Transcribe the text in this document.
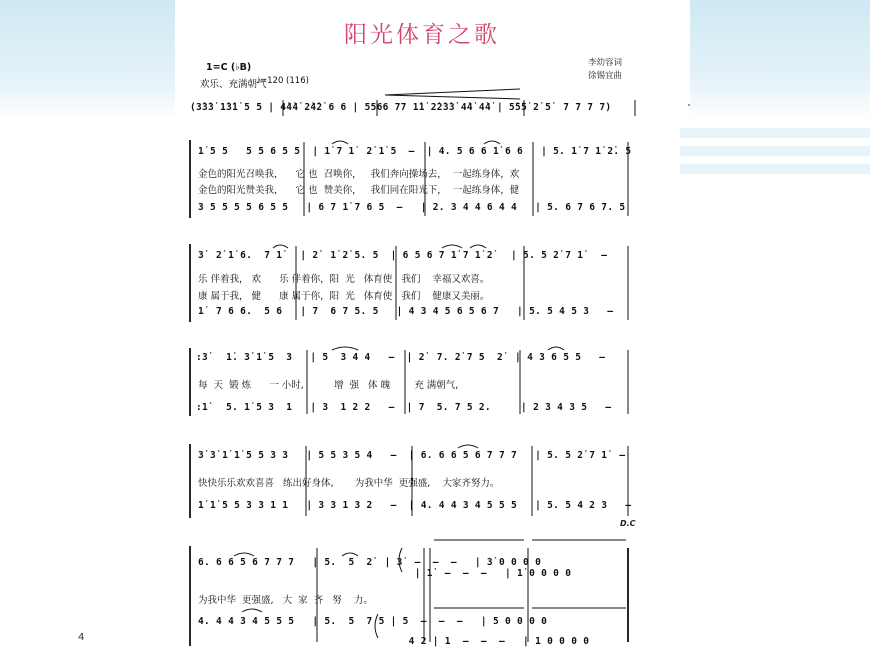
阳光体育之歌
李幼容词
徐锡宜曲
1=C (♭B)
欢乐、充满朝气
♩=120 (116)
(3̇3̇3̇ 1̇3̇1̇ 5 5 | 4̇4̇4̇ 2̇4̇2̇ 6 6 | 5566 77 1̇1̇ 2̇2̇3̇3̇ 4̇4̇ 4̇4̇ | 5̇5̇5̇ 2̇ 5̇  7 7 7 7)
1̇ 5 5   5 5 6 5 5  | 1̇ 7 1̇  2̇ 1̇ 5  –  | 4. 5 6 6 1̇ 6 6   | 5. 1̇ 7 1̇ 2̇. 5
金色的阳光召唤我，    它 也  召唤你，   我们奔向操场去，  一起练身体，欢
金色的阳光赞美我，    它 也  赞美你，   我们同在阳光下，  一起练身体，健
3 5 5 5 5 6 5 5   | 6 7 1̇ 7 6 5  –   | 2. 3 4 4 6 4 4   | 5. 6 7 6 7. 5
3̇  2̇ 1̇ 6.  7 1̇   | 2̇  1̇ 2̇ 5. 5  | 6 5 6 7 1̇ 7 1̇ 2̇   | 5. 5 2̇ 7 1̇   –
乐 伴着我， 欢      乐 伴着你，阳  光   体育使   我们    幸福又欢喜。
康 属于我， 健      康 属于你，阳  光   体育使   我们    健康又美丽。
1̇  7 6 6.  5 6   | 7  6 7 5. 5   | 4 3 4 5 6 5 6 7   | 5. 5 4 5 3   –
:3̇   1̇. 3̇ 1̇ 5  3   | 5  3 4 4   –  | 2̇  7. 2̇ 7 5  2̇  | 4 3 6 5 5   –
每  天  锻 炼      一 小时,          增  强   体 魄        充 满朝气,
:1̇   5. 1̇ 5 3  1   | 3  1 2 2   –  | 7  5. 7 5 2.     | 2 3 4 3 5   –
3̇ 3̇ 1̇ 1̇ 5 5 3 3   | 5 5 3 5 4   –  | 6. 6 6 5 6 7 7 7   | 5. 5 2̇ 7 1̇  –
快快乐乐欢欢喜喜   练出好身体,       为我中华  更强盛,    大家齐努力。
1̇ 1̇ 5 5 3 3 1 1   | 3 3 1 3 2   –  | 4. 4 4 3 4 5 5 5   | 5. 5 4 2 3   –
D.C
6. 6 6 5 6 7 7 7   | 5.  5  2̇  | 3̇  –  –  –   | 3̇ 0 0 0 0
| 1̇  –  –  –   | 1̇ 0 0 0 0
为我中华  更强盛,   大  家  齐   努    力。
4. 4 4 3 4 5 5 5   | 5.  5  7 5 | 5  –  –  –   | 5 0 0 0 0
4 2 | 1  –  –  –   | 1 0 0 0 0
4
